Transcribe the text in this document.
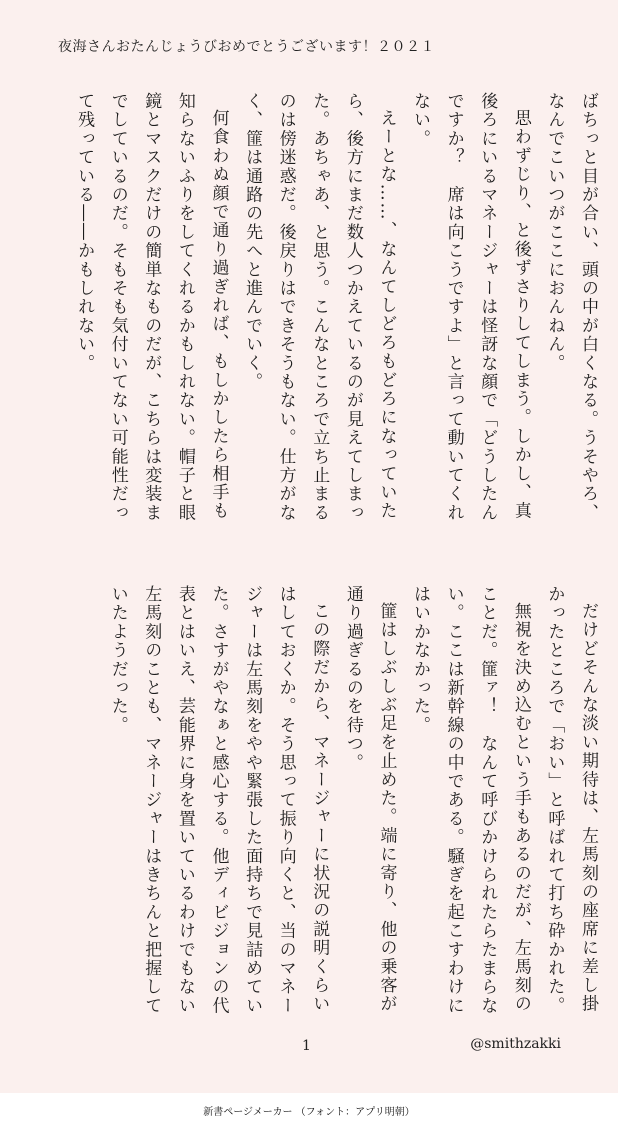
夜海さんおたんじょうびおめでとうございます！２０２１

ばちっと目が合い、頭の中が白くなる。うそやろ、なんでこいつがここにおんねん。

思わずじり、と後ずさりしてしまう。しかし、真後ろにいるマネージャーは怪訝な顔で「どうしたんですか？　席は向こうですよ」と言って動いてくれない。

えーとな……、なんてしどろもどろになっていたら、後方にまだ数人つかえているのが見えてしまった。あちゃあ、と思う。こんなところで立ち止まるのは傍迷惑だ。後戻りはできそうもない。仕方がなく、篚は通路の先へと進んでいく。

何食わぬ顔で通り過ぎれば、もしかしたら相手も知らないふりをしてくれるかもしれない。帽子と眼鏡とマスクだけの簡単なものだが、こちらは変装までしているのだ。そもそも気付いてない可能性だって残っている――かもしれない。

だけどそんな淡い期待は、左馬刻の座席に差し掛かったところで「おい」と呼ばれて打ち砕かれた。

無視を決め込むという手もあるのだが、左馬刻のことだ。篚ァ！　なんて呼びかけられたらたまらない。ここは新幹線の中である。騒ぎを起こすわけにはいかなかった。

篚はしぶしぶ足を止めた。端に寄り、他の乗客が通り過ぎるのを待つ。

この際だから、マネージャーに状況の説明くらいはしておくか。そう思って振り向くと、当のマネージャーは左馬刻をやや緊張した面持ちで見詰めていた。さすがやなぁと感心する。他ディビジョンの代表とはいえ、芸能界に身を置いているわけでもない左馬刻のことも、マネージャーはきちんと把握していたようだった。

1	@smithzakki
新書ページメーカー （フォント：アプリ明朝）
